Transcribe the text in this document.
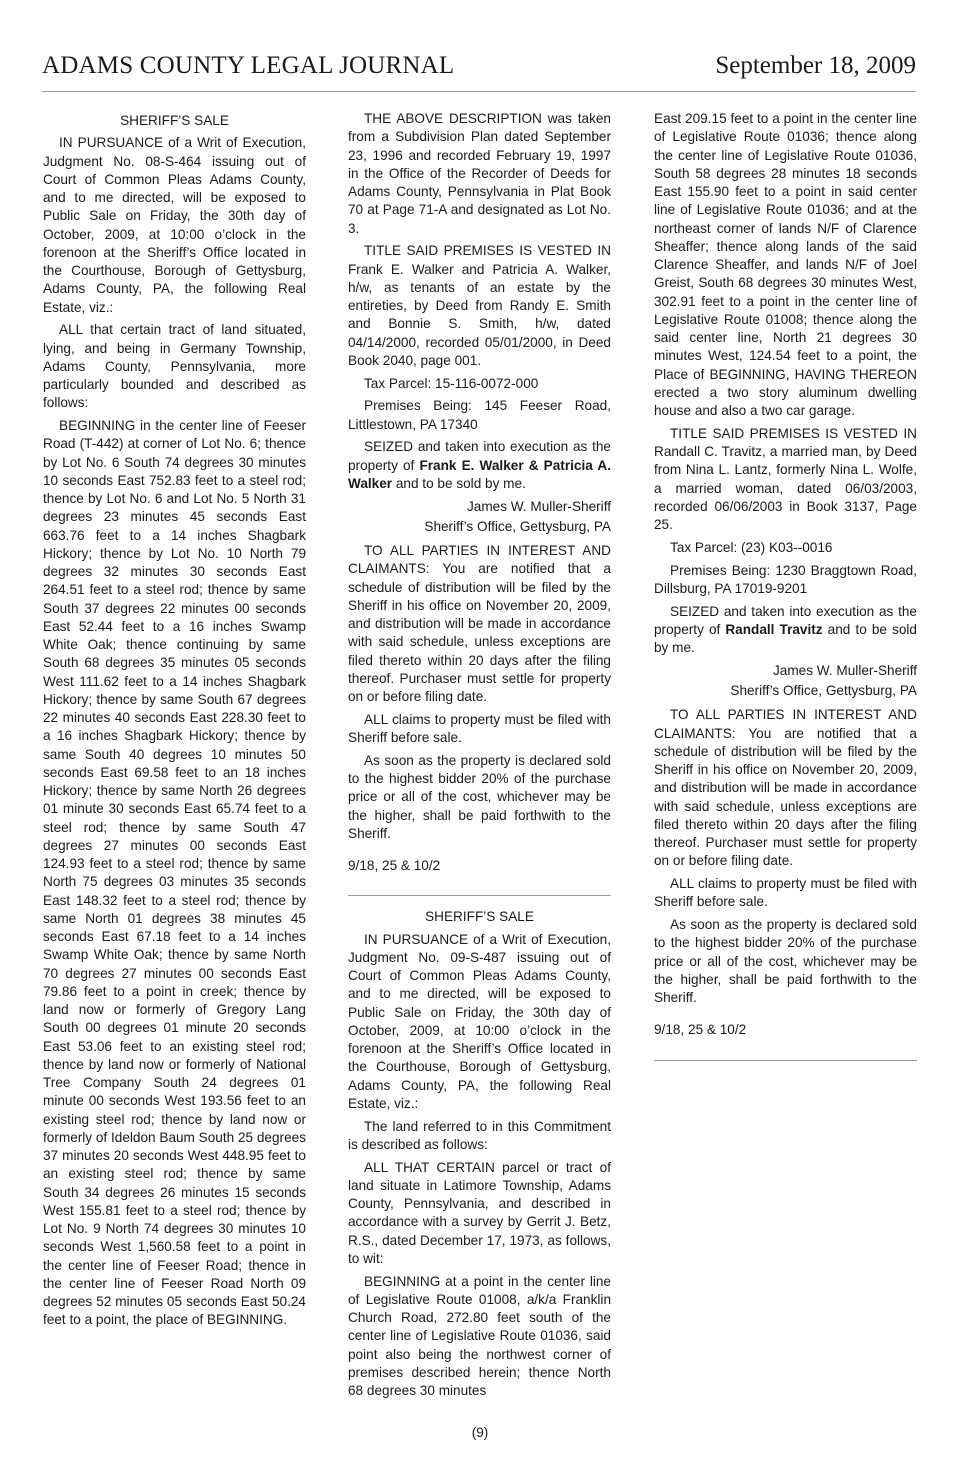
ADAMS COUNTY LEGAL JOURNAL	September 18, 2009

SHERIFF’S SALE

IN PURSUANCE of a Writ of Execution, Judgment No. 08-S-464 issuing out of Court of Common Pleas Adams County, and to me directed, will be exposed to Public Sale on Friday, the 30th day of October, 2009, at 10:00 o’clock in the forenoon at the Sheriff’s Office located in the Courthouse, Borough of Gettysburg, Adams County, PA, the following Real Estate, viz.:

ALL that certain tract of land situated, lying, and being in Germany Township, Adams County, Pennsylvania, more particularly bounded and described as follows:

BEGINNING in the center line of Feeser Road (T-442) at corner of Lot No. 6; thence by Lot No. 6 South 74 degrees 30 minutes 10 seconds East 752.83 feet to a steel rod; thence by Lot No. 6 and Lot No. 5 North 31 degrees 23 minutes 45 seconds East 663.76 feet to a 14 inches Shagbark Hickory; thence by Lot No. 10 North 79 degrees 32 minutes 30 seconds East 264.51 feet to a steel rod; thence by same South 37 degrees 22 minutes 00 seconds East 52.44 feet to a 16 inches Swamp White Oak; thence continuing by same South 68 degrees 35 minutes 05 seconds West 111.62 feet to a 14 inches Shagbark Hickory; thence by same South 67 degrees 22 minutes 40 seconds East 228.30 feet to a 16 inches Shagbark Hickory; thence by same South 40 degrees 10 minutes 50 seconds East 69.58 feet to an 18 inches Hickory; thence by same North 26 degrees 01 minute 30 seconds East 65.74 feet to a steel rod; thence by same South 47 degrees 27 minutes 00 seconds East 124.93 feet to a steel rod; thence by same North 75 degrees 03 minutes 35 seconds East 148.32 feet to a steel rod; thence by same North 01 degrees 38 minutes 45 seconds East 67.18 feet to a 14 inches Swamp White Oak; thence by same North 70 degrees 27 minutes 00 seconds East 79.86 feet to a point in creek; thence by land now or formerly of Gregory Lang South 00 degrees 01 minute 20 seconds East 53.06 feet to an existing steel rod; thence by land now or formerly of National Tree Company South 24 degrees 01 minute 00 seconds West 193.56 feet to an existing steel rod; thence by land now or formerly of Ideldon Baum South 25 degrees 37 minutes 20 seconds West 448.95 feet to an existing steel rod; thence by same South 34 degrees 26 minutes 15 seconds West 155.81 feet to a steel rod; thence by Lot No. 9 North 74 degrees 30 minutes 10 seconds West 1,560.58 feet to a point in the center line of Feeser Road; thence in the center line of Feeser Road North 09 degrees 52 minutes 05 seconds East 50.24 feet to a point, the place of BEGINNING.

THE ABOVE DESCRIPTION was taken from a Subdivision Plan dated September 23, 1996 and recorded February 19, 1997 in the Office of the Recorder of Deeds for Adams County, Pennsylvania in Plat Book 70 at Page 71-A and designated as Lot No. 3.

TITLE SAID PREMISES IS VESTED IN Frank E. Walker and Patricia A. Walker, h/w, as tenants of an estate by the entireties, by Deed from Randy E. Smith and Bonnie S. Smith, h/w, dated 04/14/2000, recorded 05/01/2000, in Deed Book 2040, page 001.

Tax Parcel: 15-116-0072-000

Premises Being: 145 Feeser Road, Littlestown, PA 17340

SEIZED and taken into execution as the property of Frank E. Walker & Patricia A. Walker and to be sold by me.

James W. Muller-Sheriff

Sheriff’s Office, Gettysburg, PA

TO ALL PARTIES IN INTEREST AND CLAIMANTS: You are notified that a schedule of distribution will be filed by the Sheriff in his office on November 20, 2009, and distribution will be made in accordance with said schedule, unless exceptions are filed thereto within 20 days after the filing thereof. Purchaser must settle for property on or before filing date.

ALL claims to property must be filed with Sheriff before sale.

As soon as the property is declared sold to the highest bidder 20% of the purchase price or all of the cost, whichever may be the higher, shall be paid forthwith to the Sheriff.

9/18, 25 & 10/2

SHERIFF’S SALE

IN PURSUANCE of a Writ of Execution, Judgment No. 09-S-487 issuing out of Court of Common Pleas Adams County, and to me directed, will be exposed to Public Sale on Friday, the 30th day of October, 2009, at 10:00 o’clock in the forenoon at the Sheriff’s Office located in the Courthouse, Borough of Gettysburg, Adams County, PA, the following Real Estate, viz.:

The land referred to in this Commitment is described as follows:

ALL THAT CERTAIN parcel or tract of land situate in Latimore Township, Adams County, Pennsylvania, and described in accordance with a survey by Gerrit J. Betz, R.S., dated December 17, 1973, as follows, to wit:

BEGINNING at a point in the center line of Legislative Route 01008, a/k/a Franklin Church Road, 272.80 feet south of the center line of Legislative Route 01036, said point also being the northwest corner of premises described herein; thence North 68 degrees 30 minutes

East 209.15 feet to a point in the center line of Legislative Route 01036; thence along the center line of Legislative Route 01036, South 58 degrees 28 minutes 18 seconds East 155.90 feet to a point in said center line of Legislative Route 01036; and at the northeast corner of lands N/F of Clarence Sheaffer; thence along lands of the said Clarence Sheaffer, and lands N/F of Joel Greist, South 68 degrees 30 minutes West, 302.91 feet to a point in the center line of Legislative Route 01008; thence along the said center line, North 21 degrees 30 minutes West, 124.54 feet to a point, the Place of BEGINNING, HAVING THEREON erected a two story aluminum dwelling house and also a two car garage.

TITLE SAID PREMISES IS VESTED IN Randall C. Travitz, a married man, by Deed from Nina L. Lantz, formerly Nina L. Wolfe, a married woman, dated 06/03/2003, recorded 06/06/2003 in Book 3137, Page 25.

Tax Parcel: (23) K03--0016

Premises Being: 1230 Braggtown Road, Dillsburg, PA 17019-9201

SEIZED and taken into execution as the property of Randall Travitz and to be sold by me.

James W. Muller-Sheriff

Sheriff’s Office, Gettysburg, PA

TO ALL PARTIES IN INTEREST AND CLAIMANTS: You are notified that a schedule of distribution will be filed by the Sheriff in his office on November 20, 2009, and distribution will be made in accordance with said schedule, unless exceptions are filed thereto within 20 days after the filing thereof. Purchaser must settle for property on or before filing date.

ALL claims to property must be filed with Sheriff before sale.

As soon as the property is declared sold to the highest bidder 20% of the purchase price or all of the cost, whichever may be the higher, shall be paid forthwith to the Sheriff.

9/18, 25 & 10/2

(9)
